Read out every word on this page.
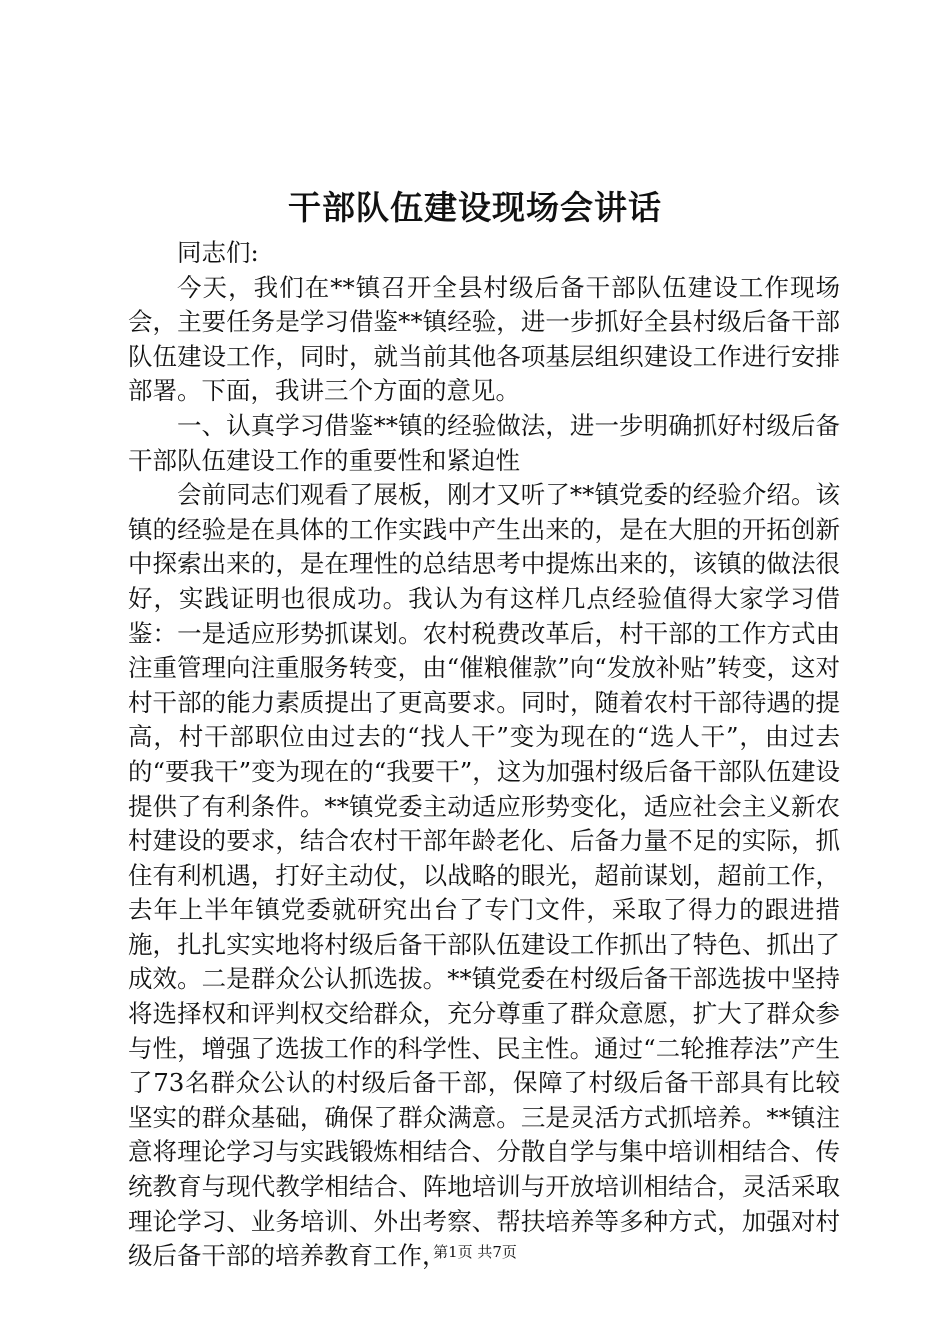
干部队伍建设现场会讲话

同志们:

今天，我们在**镇召开全县村级后备干部队伍建设工作现场会，主要任务是学习借鉴**镇经验，进一步抓好全县村级后备干部队伍建设工作，同时，就当前其他各项基层组织建设工作进行安排部署。下面，我讲三个方面的意见。

一、认真学习借鉴**镇的经验做法，进一步明确抓好村级后备干部队伍建设工作的重要性和紧迫性

会前同志们观看了展板，刚才又听了**镇党委的经验介绍。该镇的经验是在具体的工作实践中产生出来的，是在大胆的开拓创新中探索出来的，是在理性的总结思考中提炼出来的，该镇的做法很好，实践证明也很成功。我认为有这样几点经验值得大家学习借鉴：一是适应形势抓谋划。农村税费改革后，村干部的工作方式由注重管理向注重服务转变，由“催粮催款”向“发放补贴”转变，这对村干部的能力素质提出了更高要求。同时，随着农村干部待遇的提高，村干部职位由过去的“找人干”变为现在的“选人干”，由过去的“要我干”变为现在的“我要干”，这为加强村级后备干部队伍建设提供了有利条件。**镇党委主动适应形势变化，适应社会主义新农村建设的要求，结合农村干部年龄老化、后备力量不足的实际，抓住有利机遇，打好主动仗，以战略的眼光，超前谋划，超前工作，去年上半年镇党委就研究出台了专门文件，采取了得力的跟进措施，扎扎实实地将村级后备干部队伍建设工作抓出了特色、抓出了成效。二是群众公认抓选拔。**镇党委在村级后备干部选拔中坚持将选择权和评判权交给群众，充分尊重了群众意愿，扩大了群众参与性，增强了选拔工作的科学性、民主性。通过“二轮推荐法”产生了73名群众公认的村级后备干部，保障了村级后备干部具有比较坚实的群众基础，确保了群众满意。三是灵活方式抓培养。**镇注意将理论学习与实践锻炼相结合、分散自学与集中培训相结合、传统教育与现代教学相结合、阵地培训与开放培训相结合，灵活采取理论学习、业务培训、外出考察、帮扶培养等多种方式，加强对村级后备干部的培养教育工作，

第1页 共7页
